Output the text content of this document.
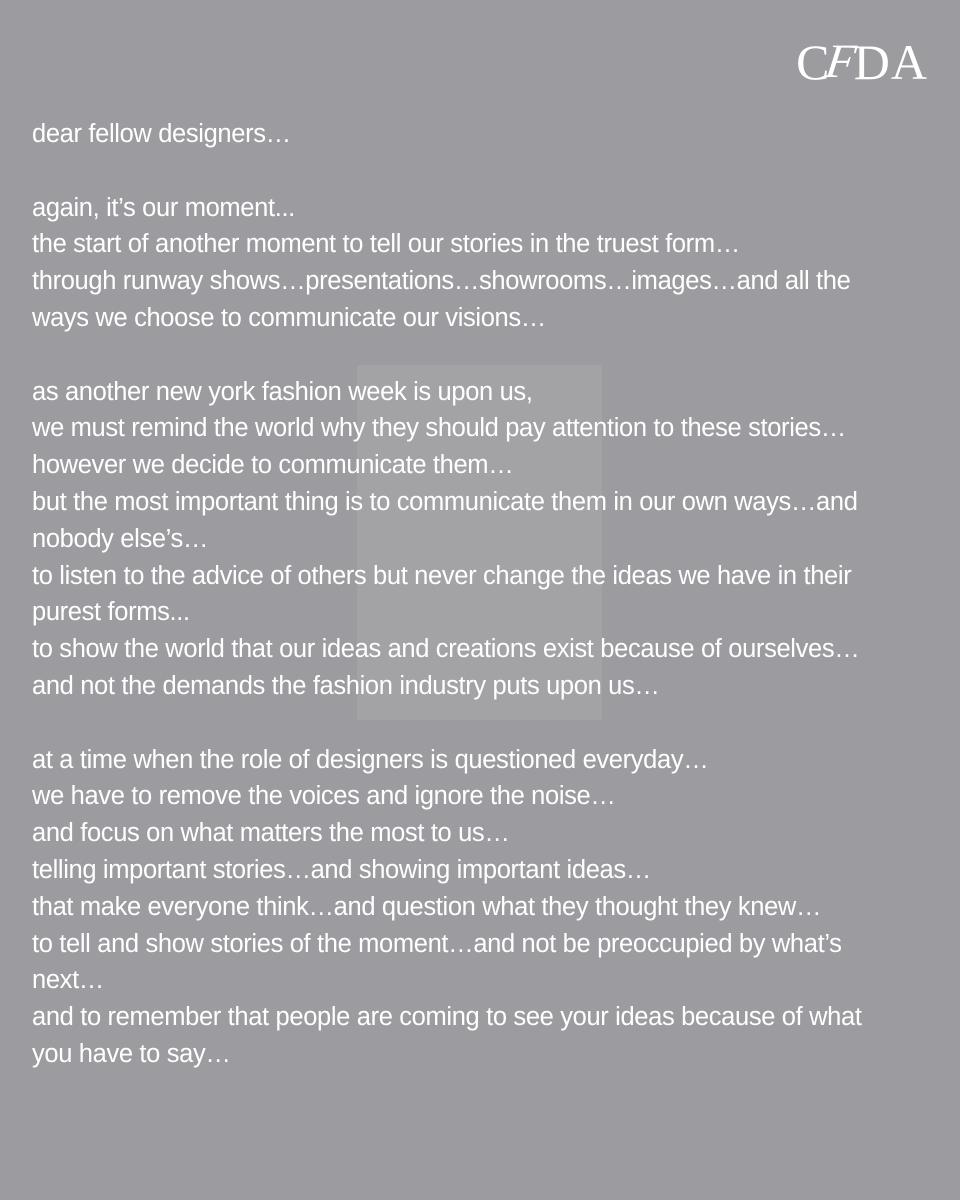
C
F
DA
dear fellow designers…
again, it’s our moment...
the start of another moment to tell our stories in the truest form…
through runway shows…presentations…showrooms…images…and all the
ways we choose to communicate our visions…
as another new york fashion week is upon us,
we must remind the world why they should pay attention to these stories…
however we decide to communicate them…
but the most important thing is to communicate them in our own ways…and
nobody else’s…
to listen to the advice of others but never change the ideas we have in their
purest forms...
to show the world that our ideas and creations exist because of ourselves…
and not the demands the fashion industry puts upon us…
at a time when the role of designers is questioned everyday…
we have to remove the voices and ignore the noise…
and focus on what matters the most to us…
telling important stories…and showing important ideas…
that make everyone think…and question what they thought they knew…
to tell and show stories of the moment…and not be preoccupied by what’s
next…
and to remember that people are coming to see your ideas because of what
you have to say…
